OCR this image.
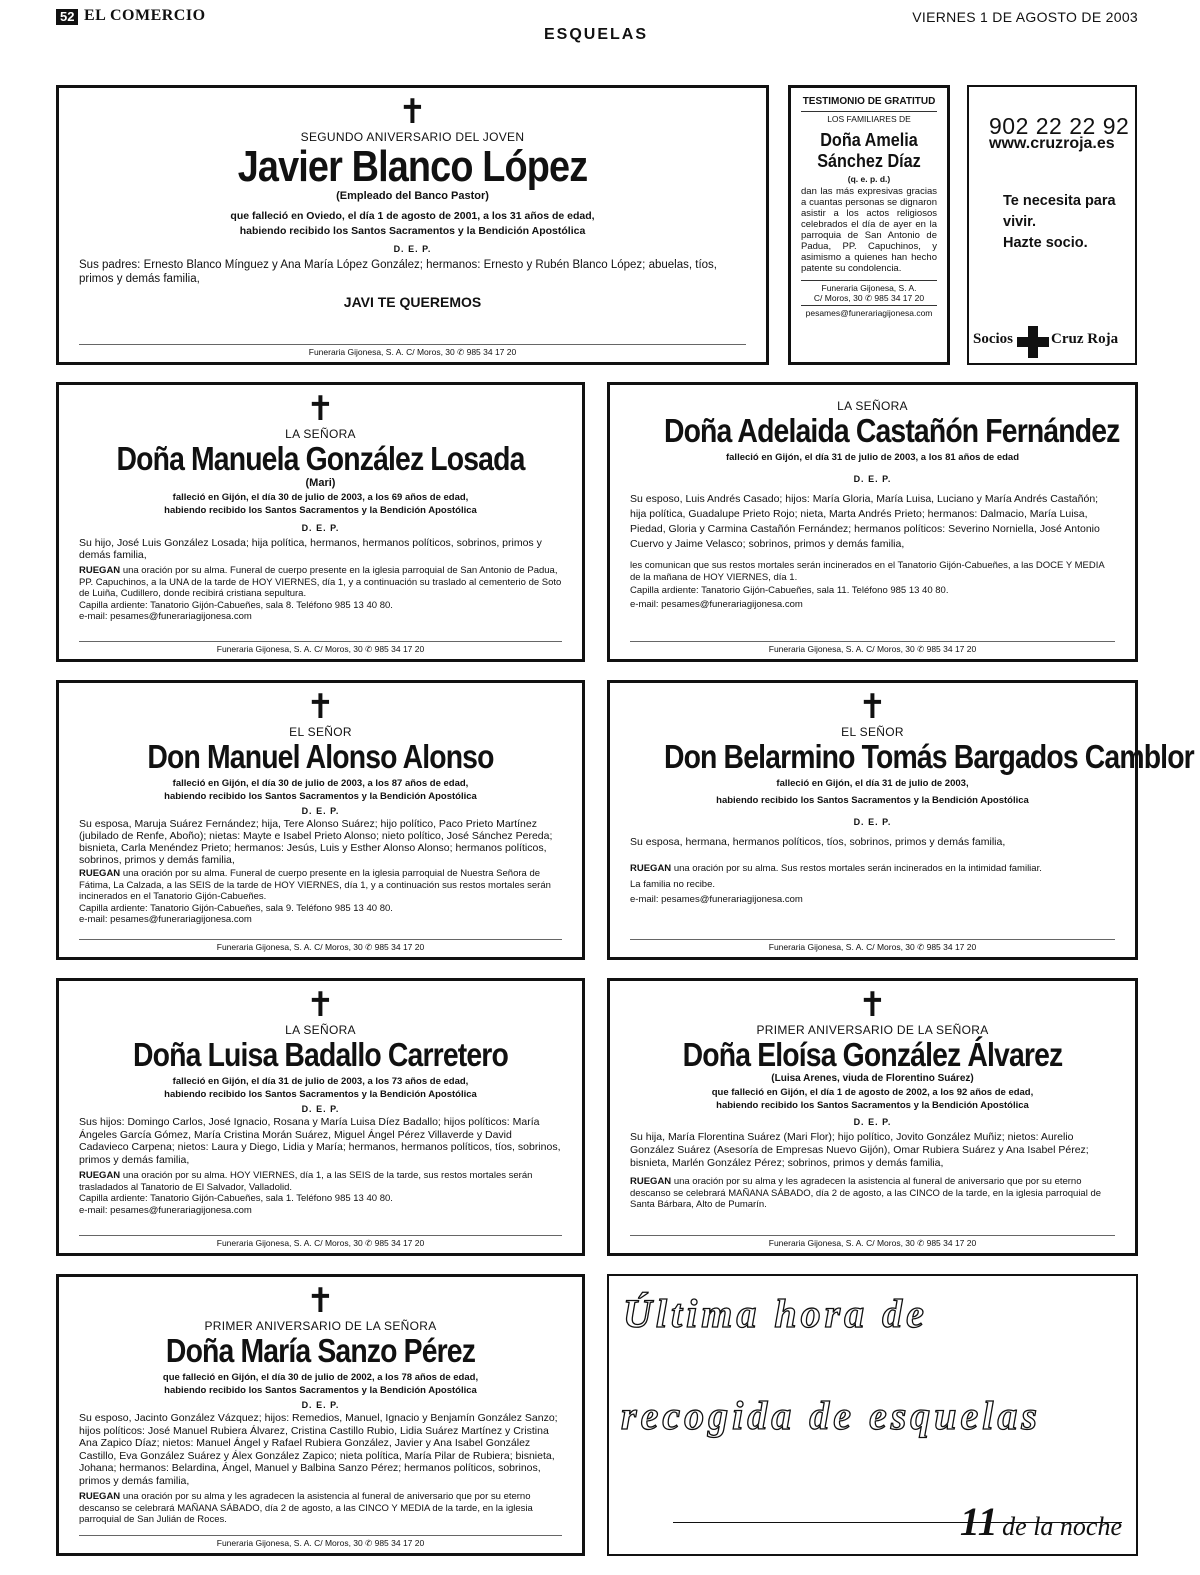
52 EL COMERCIO	VIERNES 1 DE AGOSTO DE 2003
ESQUELAS
✝
SEGUNDO ANIVERSARIO DEL JOVEN
Javier Blanco López
(Empleado del Banco Pastor)
que falleció en Oviedo, el día 1 de agosto de 2001, a los 31 años de edad,
habiendo recibido los Santos Sacramentos y la Bendición Apostólica
D. E. P.
Sus padres: Ernesto Blanco Mínguez y Ana María López González; hermanos: Ernesto y Rubén Blanco López; abuelas, tíos, primos y demás familia,
JAVI TE QUEREMOS
Funeraria Gijonesa, S. A. C/ Moros, 30 ✆ 985 34 17 20
TESTIMONIO DE GRATITUD
LOS FAMILIARES DE
Doña Amelia
Sánchez Díaz
(q. e. p. d.)
dan las más expresivas gracias a cuantas personas se dignaron asistir a los actos religiosos celebrados el día de ayer en la parroquia de San Antonio de Padua, PP. Capuchinos, y asimismo a quienes han hecho patente su condolencia.
Funeraria Gijonesa, S. A.
C/ Moros, 30 ✆ 985 34 17 20
pesames@funerariagijonesa.com
902 22 22 92
www.cruzroja.es
Te necesita para
vivir.
Hazte socio.
Socios	Cruz Roja
✝
LA SEÑORA
Doña Manuela González Losada
(Mari)
falleció en Gijón, el día 30 de julio de 2003, a los 69 años de edad,
habiendo recibido los Santos Sacramentos y la Bendición Apostólica
D. E. P.
Su hijo, José Luis González Losada; hija política, hermanos, hermanos políticos, sobrinos, primos y demás familia,
RUEGAN una oración por su alma. Funeral de cuerpo presente en la iglesia parroquial de San Antonio de Padua, PP. Capuchinos, a la UNA de la tarde de HOY VIERNES, día 1, y a continuación su traslado al cementerio de Soto de Luiña, Cudillero, donde recibirá cristiana sepultura.
Capilla ardiente: Tanatorio Gijón-Cabueñes, sala 8. Teléfono 985 13 40 80.
e-mail: pesames@funerariagijonesa.com
Funeraria Gijonesa, S. A. C/ Moros, 30 ✆ 985 34 17 20
LA SEÑORA
Doña Adelaida Castañón Fernández
falleció en Gijón, el día 31 de julio de 2003, a los 81 años de edad
D. E. P.
Su esposo, Luis Andrés Casado; hijos: María Gloria, María Luisa, Luciano y María Andrés Castañón; hija política, Guadalupe Prieto Rojo; nieta, Marta Andrés Prieto; hermanos: Dalmacio, María Luisa, Piedad, Gloria y Carmina Castañón Fernández; hermanos políticos: Severino Norniella, José Antonio Cuervo y Jaime Velasco; sobrinos, primos y demás familia,
les comunican que sus restos mortales serán incinerados en el Tanatorio Gijón-Cabueñes, a las DOCE Y MEDIA de la mañana de HOY VIERNES, día 1.
Capilla ardiente: Tanatorio Gijón-Cabueñes, sala 11. Teléfono 985 13 40 80.
e-mail: pesames@funerariagijonesa.com
Funeraria Gijonesa, S. A. C/ Moros, 30 ✆ 985 34 17 20
✝
EL SEÑOR
Don Manuel Alonso Alonso
falleció en Gijón, el día 30 de julio de 2003, a los 87 años de edad,
habiendo recibido los Santos Sacramentos y la Bendición Apostólica
D. E. P.
Su esposa, Maruja Suárez Fernández; hija, Tere Alonso Suárez; hijo político, Paco Prieto Martínez (jubilado de Renfe, Aboño); nietas: Mayte e Isabel Prieto Alonso; nieto político, José Sánchez Pereda; bisnieta, Carla Menéndez Prieto; hermanos: Jesús, Luis y Esther Alonso Alonso; hermanos políticos, sobrinos, primos y demás familia,
RUEGAN una oración por su alma. Funeral de cuerpo presente en la iglesia parroquial de Nuestra Señora de Fátima, La Calzada, a las SEIS de la tarde de HOY VIERNES, día 1, y a continuación sus restos mortales serán incinerados en el Tanatorio Gijón-Cabueñes.
Capilla ardiente: Tanatorio Gijón-Cabueñes, sala 9. Teléfono 985 13 40 80.
e-mail: pesames@funerariagijonesa.com
Funeraria Gijonesa, S. A. C/ Moros, 30 ✆ 985 34 17 20
✝
EL SEÑOR
Don Belarmino Tomás Bargados Camblor
falleció en Gijón, el día 31 de julio de 2003,
habiendo recibido los Santos Sacramentos y la Bendición Apostólica
D. E. P.
Su esposa, hermana, hermanos políticos, tíos, sobrinos, primos y demás familia,
RUEGAN una oración por su alma. Sus restos mortales serán incinerados en la intimidad familiar.
La familia no recibe.
e-mail: pesames@funerariagijonesa.com
Funeraria Gijonesa, S. A. C/ Moros, 30 ✆ 985 34 17 20
✝
LA SEÑORA
Doña Luisa Badallo Carretero
falleció en Gijón, el día 31 de julio de 2003, a los 73 años de edad,
habiendo recibido los Santos Sacramentos y la Bendición Apostólica
D. E. P.
Sus hijos: Domingo Carlos, José Ignacio, Rosana y María Luisa Díez Badallo; hijos políticos: María Ángeles García Gómez, María Cristina Morán Suárez, Miguel Ángel Pérez Villaverde y David Cadavieco Carpena; nietos: Laura y Diego, Lidia y María; hermanos, hermanos políticos, tíos, sobrinos, primos y demás familia,
RUEGAN una oración por su alma. HOY VIERNES, día 1, a las SEIS de la tarde, sus restos mortales serán trasladados al Tanatorio de El Salvador, Valladolid.
Capilla ardiente: Tanatorio Gijón-Cabueñes, sala 1. Teléfono 985 13 40 80.
e-mail: pesames@funerariagijonesa.com
Funeraria Gijonesa, S. A. C/ Moros, 30 ✆ 985 34 17 20
✝
PRIMER ANIVERSARIO DE LA SEÑORA
Doña Eloísa González Álvarez
(Luisa Arenes, viuda de Florentino Suárez)
que falleció en Gijón, el día 1 de agosto de 2002, a los 92 años de edad,
habiendo recibido los Santos Sacramentos y la Bendición Apostólica
D. E. P.
Su hija, María Florentina Suárez (Mari Flor); hijo político, Jovito González Muñiz; nietos: Aurelio González Suárez (Asesoría de Empresas Nuevo Gijón), Omar Rubiera Suárez y Ana Isabel Pérez; bisnieta, Marlén González Pérez; sobrinos, primos y demás familia,
RUEGAN una oración por su alma y les agradecen la asistencia al funeral de aniversario que por su eterno descanso se celebrará MAÑANA SÁBADO, día 2 de agosto, a las CINCO de la tarde, en la iglesia parroquial de Santa Bárbara, Alto de Pumarín.
Funeraria Gijonesa, S. A. C/ Moros, 30 ✆ 985 34 17 20
✝
PRIMER ANIVERSARIO DE LA SEÑORA
Doña María Sanzo Pérez
que falleció en Gijón, el día 30 de julio de 2002, a los 78 años de edad,
habiendo recibido los Santos Sacramentos y la Bendición Apostólica
D. E. P.
Su esposo, Jacinto González Vázquez; hijos: Remedios, Manuel, Ignacio y Benjamín González Sanzo; hijos políticos: José Manuel Rubiera Álvarez, Cristina Castillo Rubio, Lidia Suárez Martínez y Cristina Ana Zapico Díaz; nietos: Manuel Ángel y Rafael Rubiera González, Javier y Ana Isabel González Castillo, Eva González Suárez y Álex González Zapico; nieta política, María Pilar de Rubiera; bisnieta, Johana; hermanos: Belardina, Ángel, Manuel y Balbina Sanzo Pérez; hermanos políticos, sobrinos, primos y demás familia,
RUEGAN una oración por su alma y les agradecen la asistencia al funeral de aniversario que por su eterno descanso se celebrará MAÑANA SÁBADO, día 2 de agosto, a las CINCO Y MEDIA de la tarde, en la iglesia parroquial de San Julián de Roces.
Funeraria Gijonesa, S. A. C/ Moros, 30 ✆ 985 34 17 20
Última hora de
recogida de esquelas
11 de la noche
